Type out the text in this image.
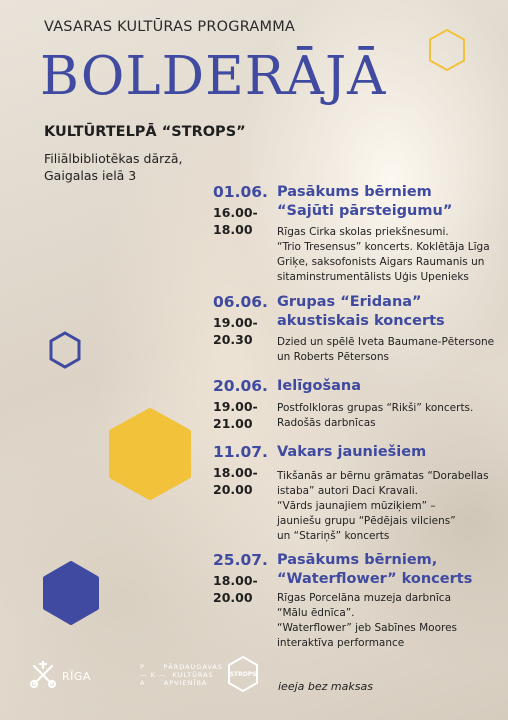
VASARAS KULTŪRAS PROGRAMMA
BOLDERĀJĀ
KULTŪRTELPĀ “STROPS”
Filiālbibliotēkas dārzā,
Gaigalas ielā 3
01.06.
16.00-
18.00
Pasākums bērniem
“Sajūti pārsteigumu”
Rīgas Cirka skolas priekšnesumi.
“Trio Tresensus” koncerts. Koklētāja Līga
Griķe, saksofonists Aigars Raumanis un
sitaminstrumentālists Uģis Upenieks
06.06.
19.00-
20.30
Grupas “Eridana”
akustiskais koncerts
Dzied un spēlē Iveta Baumane-Pētersone
un Roberts Pētersons
20.06.
19.00-
21.00
Ielīgošana
Postfolkloras grupas “Rikši” koncerts.
Radošās darbnīcas
11.07.
18.00-
20.00
Vakars jauniešiem
Tikšanās ar bērnu grāmatas “Dorabellas
istaba” autori Daci Kravali.
“Vārds jaunajiem mūziķiem” –
jauniešu grupu “Pēdējais vilciens”
un “Stariņš” koncerts
25.07.
18.00-
20.00
Pasākums bērniem,
“Waterflower” koncerts
Rīgas Porcelāna muzeja darbnīca
“Mālu ēdnīca”.
“Waterflower” jeb Sabīnes Moores
interaktīva performance
RĪGA
P      PĀRDAUGAVAS
— K —  KULTŪRAS
A      APVIENĪBA
STROPS
ieeja bez maksas
